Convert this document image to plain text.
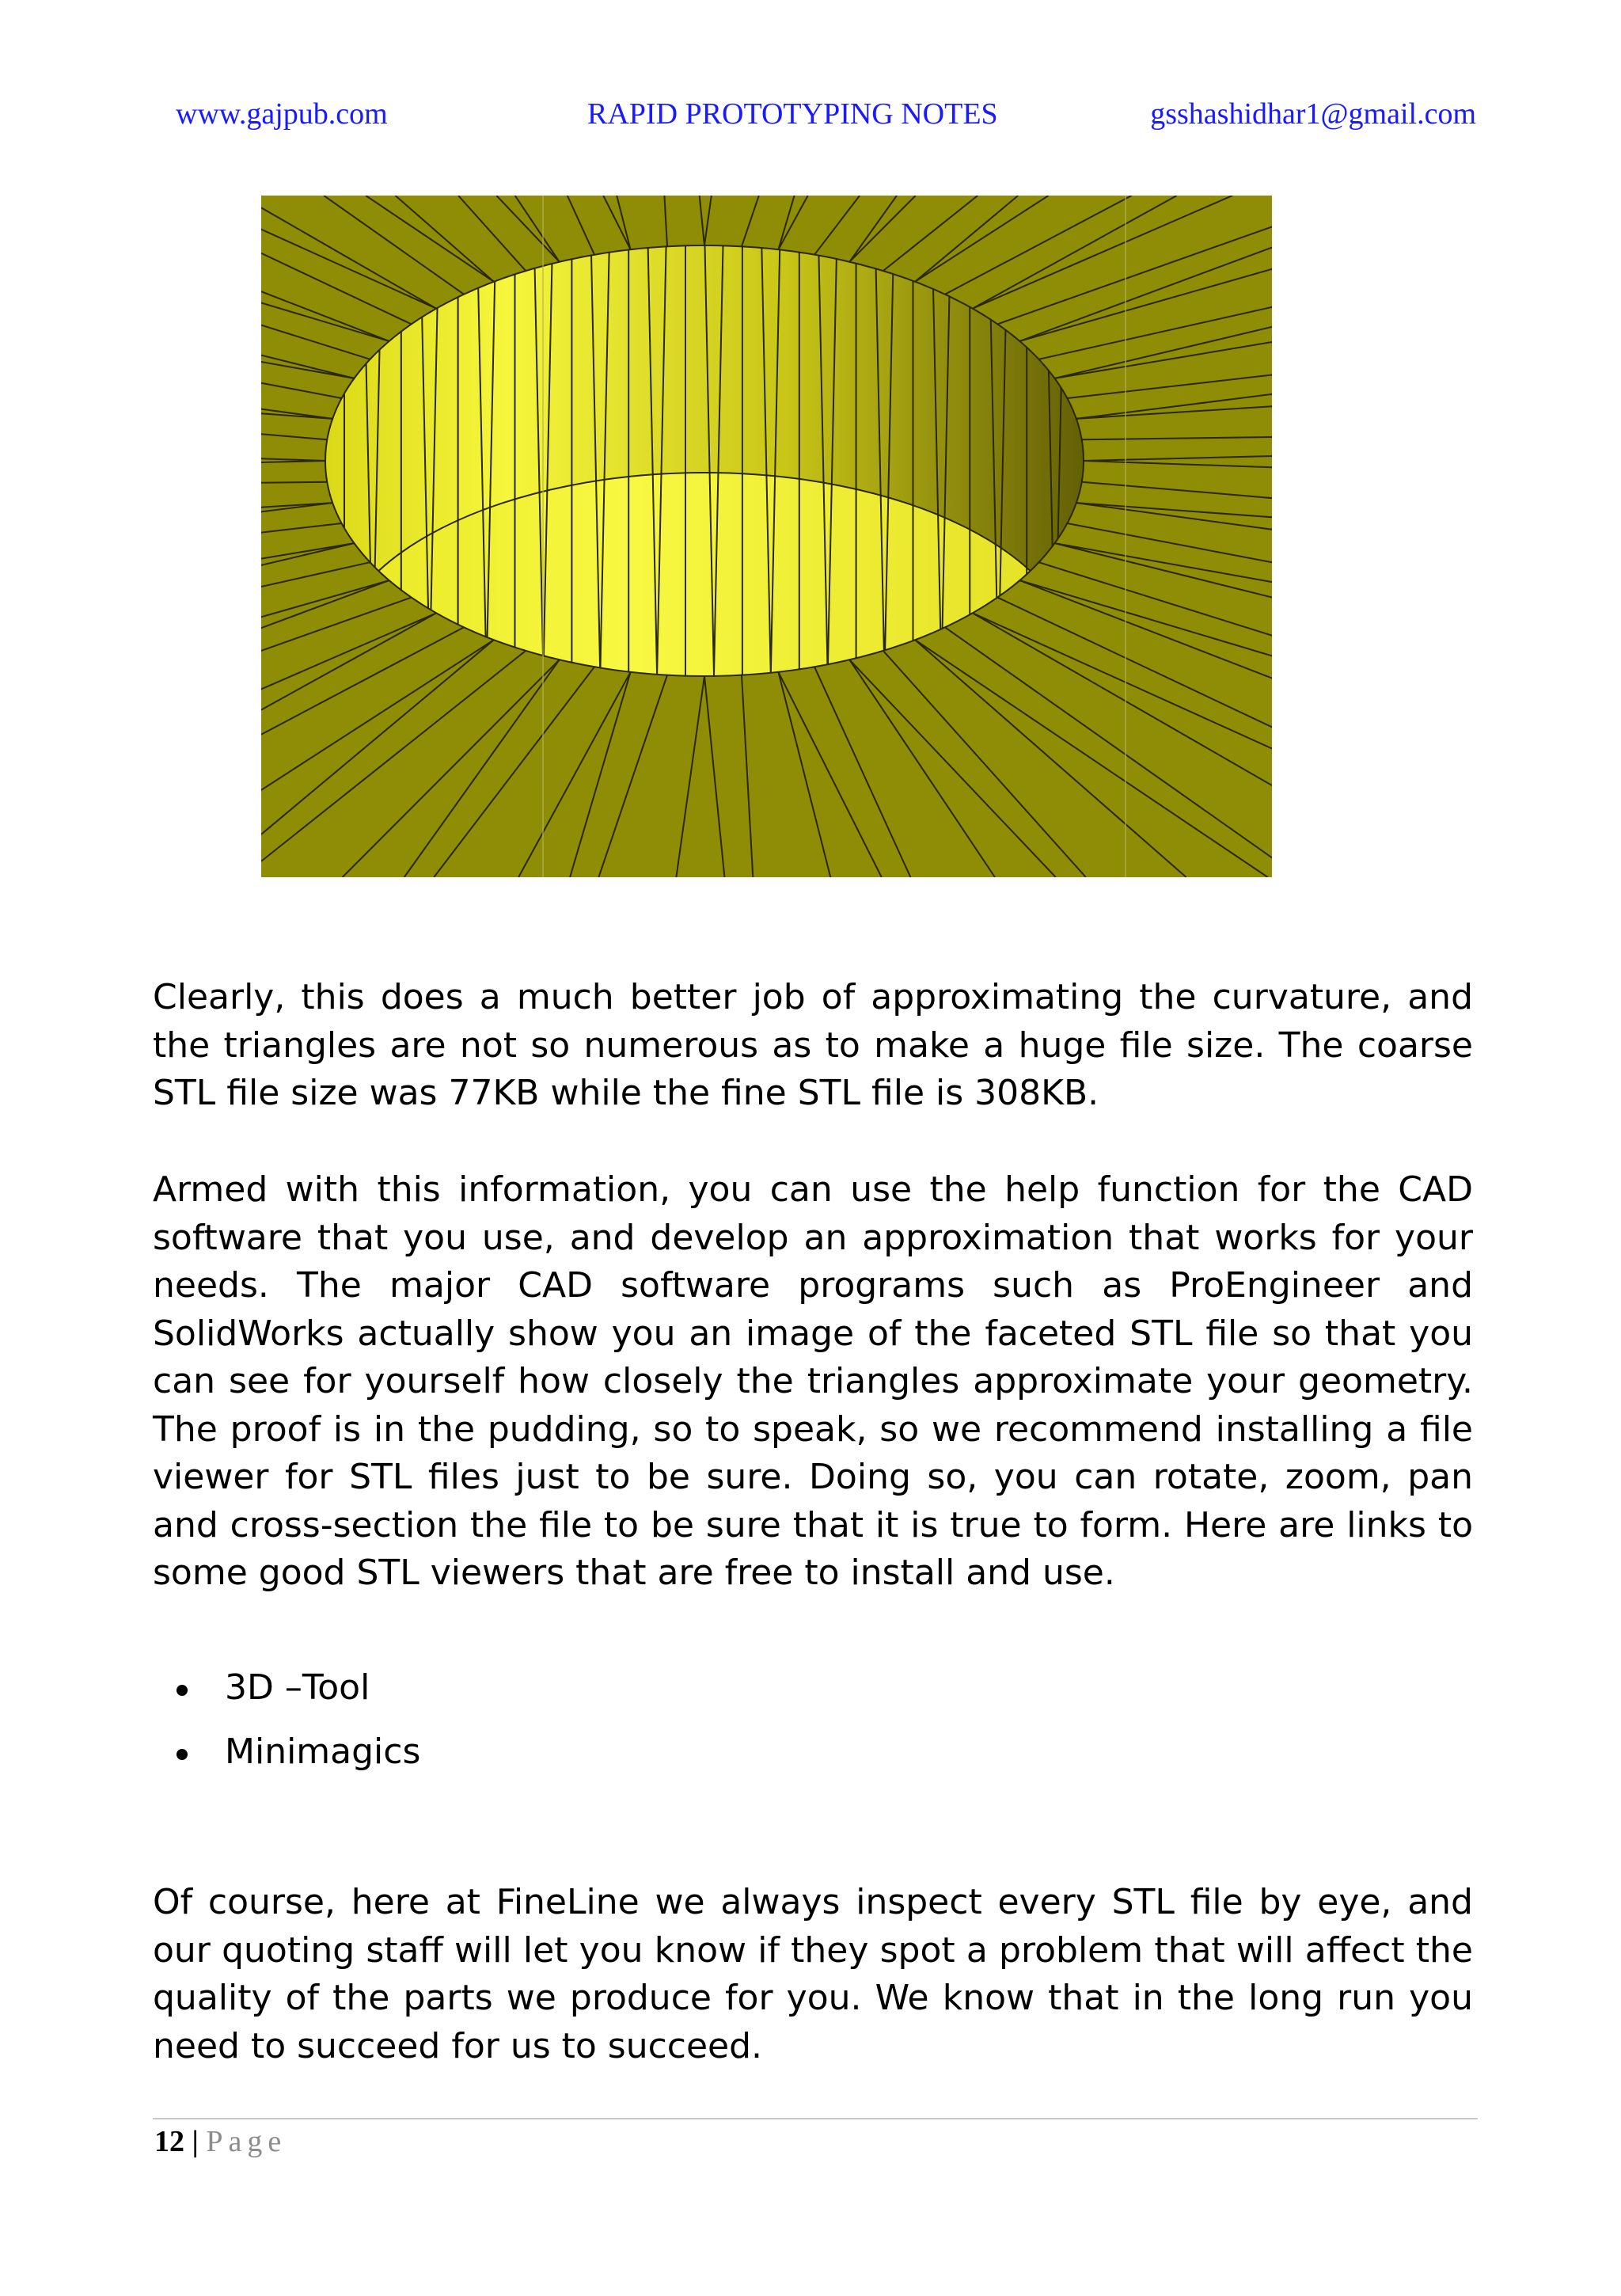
www.gajpub.com	RAPID PROTOTYPING NOTES	gsshashidhar1@gmail.com

Clearly, this does a much better job of approximating the curvature, and the triangles are not so numerous as to make a huge file size. The coarse STL file size was 77KB while the fine STL file is 308KB.

Armed with this information, you can use the help function for the CAD software that you use, and develop an approximation that works for your needs. The major CAD software programs such as ProEngineer and SolidWorks actually show you an image of the faceted STL file so that you can see for yourself how closely the triangles approximate your geometry. The proof is in the pudding, so to speak, so we recommend installing a file viewer for STL files just to be sure. Doing so, you can rotate, zoom, pan and cross-section the file to be sure that it is true to form. Here are links to some good STL viewers that are free to install and use.

3D –Tool
Minimagics

Of course, here at FineLine we always inspect every STL file by eye, and our quoting staff will let you know if they spot a problem that will affect the quality of the parts we produce for you. We know that in the long run you need to succeed for us to succeed.

12 | Page
